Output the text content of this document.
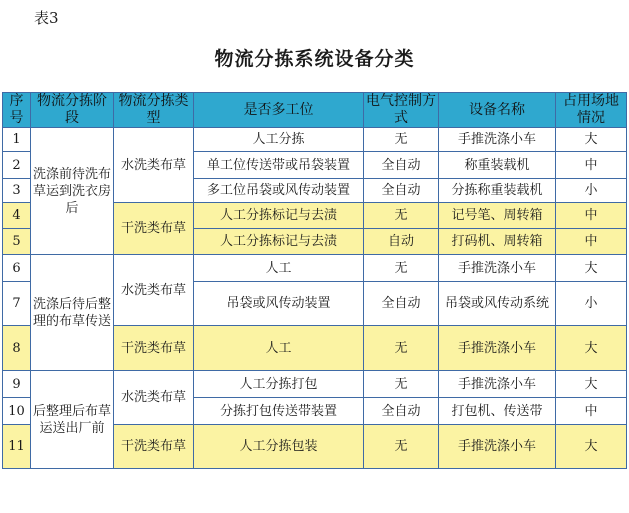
表3
物流分拣系统设备分类
序号	物流分拣阶段	物流分拣类型	是否多工位	电气控制方式	设备名称	占用场地情况
1	洗涤前待洗布草运到洗衣房后	水洗类布草	人工分拣	无	手推洗涤小车	大
2			单工位传送带或吊袋装置	全自动	称重装载机	中
3			多工位吊袋或风传动装置	全自动	分拣称重装载机	小
4		干洗类布草	人工分拣标记与去渍	无	记号笔、周转箱	中
5			人工分拣标记与去渍	自动	打码机、周转箱	中
6	洗涤后待后整理的布草传送	水洗类布草	人工	无	手推洗涤小车	大
7			吊袋或风传动装置	全自动	吊袋或风传动系统	小
8		干洗类布草	人工	无	手推洗涤小车	大
9	后整理后布草运送出厂前	水洗类布草	人工分拣打包	无	手推洗涤小车	大
10			分拣打包传送带装置	全自动	打包机、传送带	中
11		干洗类布草	人工分拣包装	无	手推洗涤小车	大
